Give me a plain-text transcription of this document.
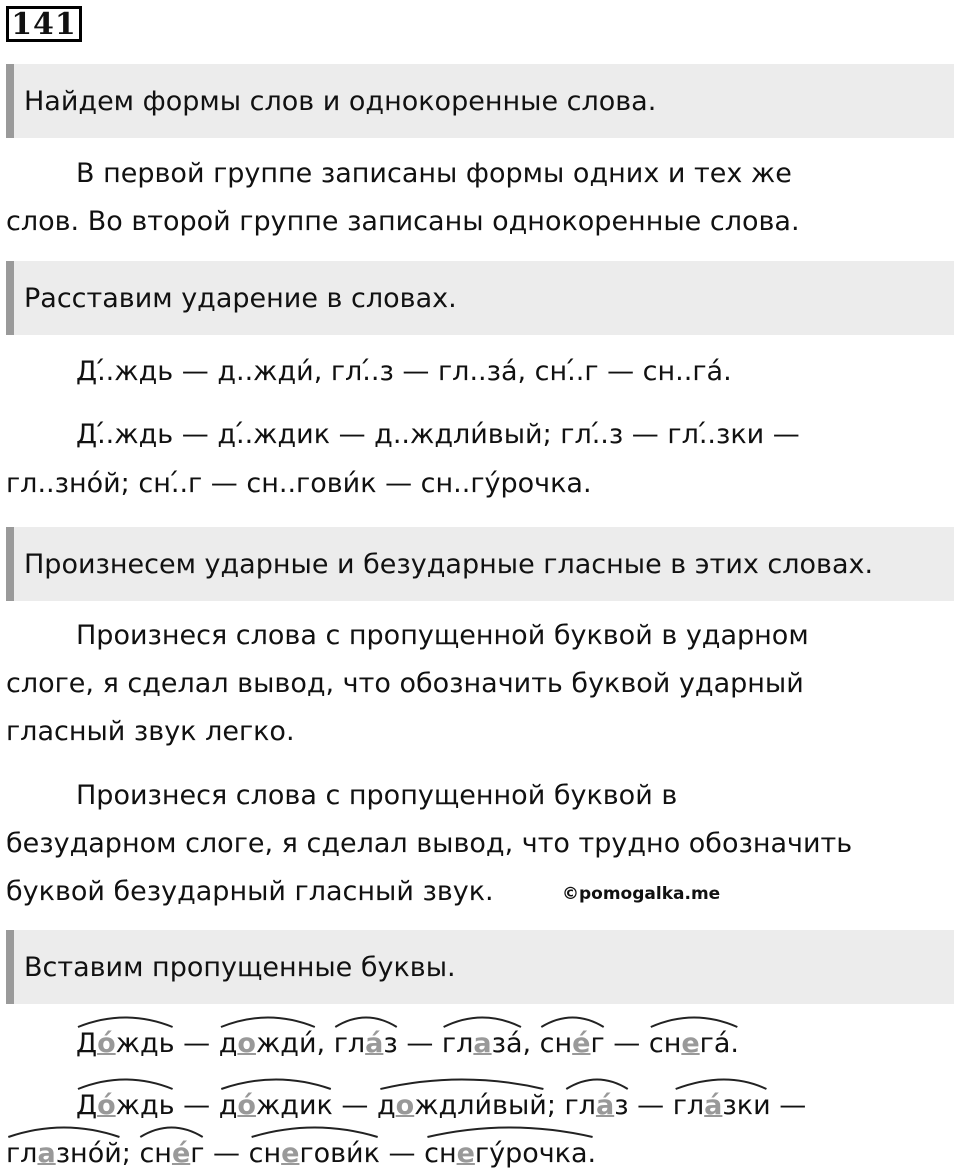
141
Найдем формы слов и однокоренные слова.
В первой группе записаны формы одних и тех же
слов. Во второй группе записаны однокоренные слова.
Расставим ударение в словах.
Д.́.ждь — д..жди́, гл.́.з — гл..за́, сн.́.г — сн..га́.
Д.́.ждь — д.́.ждик — д..ждли́вый; гл.́.з — гл.́.зки —
гл..зно́й; сн.́.г — сн..гови́к — сн..гу́рочка.
Произнесем ударные и безударные гласные в этих словах.
Произнеся слова с пропущенной буквой в ударном
слоге, я сделал вывод, что обозначить буквой ударный
гласный звук легко.
Произнеся слова с пропущенной буквой в
безударном слоге, я сделал вывод, что трудно обозначить
буквой безударный гласный звук.	©pomogalka.me
Вставим пропущенные буквы.
До́ждь —
дожди́,
гла́з —
глаза́,
сне́г —
снега́.
До́ждь —
до́ждик —
дождли́вый;
гла́з —
гла́зки —
глазно́й;
сне́г —
снегови́к —
снегу́рочка.
